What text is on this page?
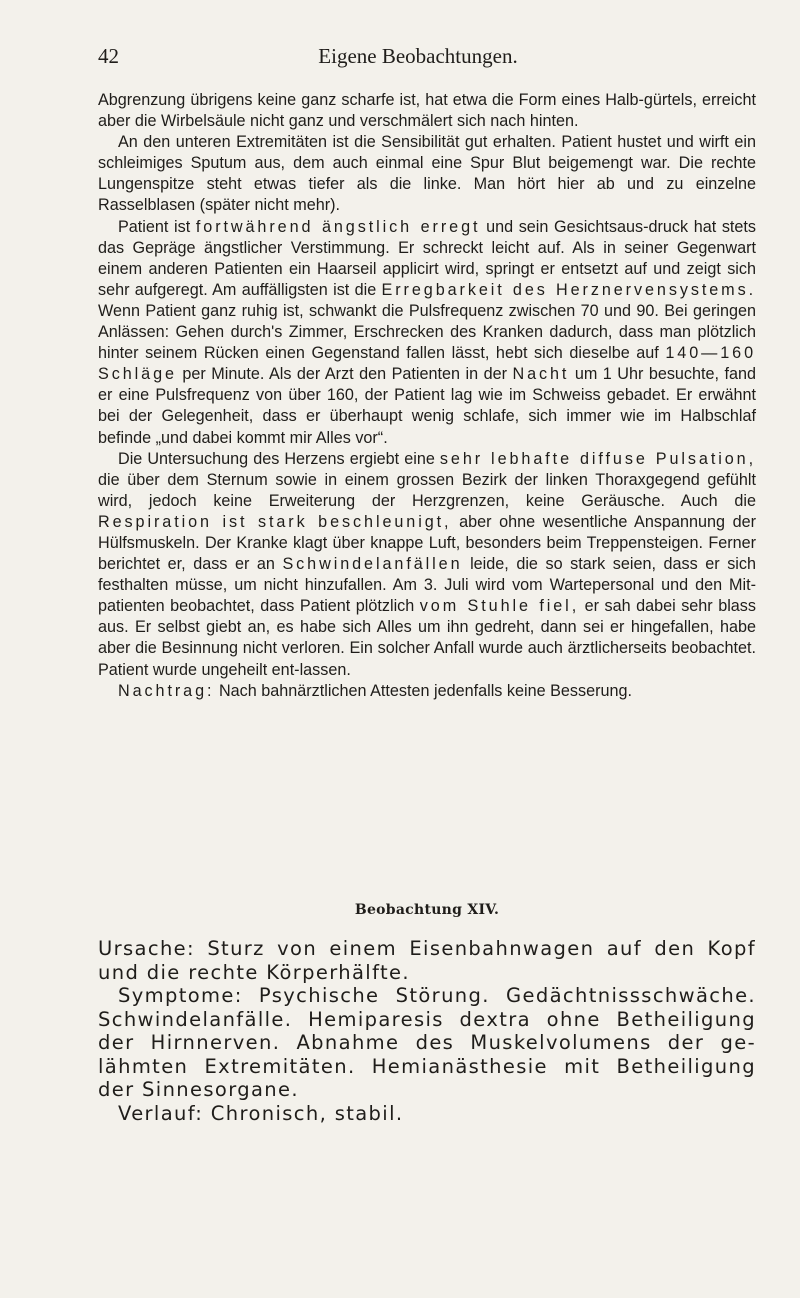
42	Eigene Beobachtungen.

Abgrenzung übrigens keine ganz scharfe ist, hat etwa die Form eines Halb-gürtels, erreicht aber die Wirbelsäule nicht ganz und verschmälert sich nach hinten.

An den unteren Extremitäten ist die Sensibilität gut erhalten. Patient hustet und wirft ein schleimiges Sputum aus, dem auch einmal eine Spur Blut beigemengt war. Die rechte Lungenspitze steht etwas tiefer als die linke. Man hört hier ab und zu einzelne Rasselblasen (später nicht mehr).

Patient ist fortwährend ängstlich erregt und sein Gesichtsaus-druck hat stets das Gepräge ängstlicher Verstimmung. Er schreckt leicht auf. Als in seiner Gegenwart einem anderen Patienten ein Haarseil applicirt wird, springt er entsetzt auf und zeigt sich sehr aufgeregt. Am auffälligsten ist die Erregbarkeit des Herznervensystems. Wenn Patient ganz ruhig ist, schwankt die Pulsfrequenz zwischen 70 und 90. Bei geringen Anlässen: Gehen durch's Zimmer, Erschrecken des Kranken dadurch, dass man plötzlich hinter seinem Rücken einen Gegenstand fallen lässt, hebt sich dieselbe auf 140—160 Schläge per Minute. Als der Arzt den Patienten in der Nacht um 1 Uhr besuchte, fand er eine Pulsfrequenz von über 160, der Patient lag wie im Schweiss gebadet. Er erwähnt bei der Gelegenheit, dass er überhaupt wenig schlafe, sich immer wie im Halbschlaf befinde „und dabei kommt mir Alles vor“.

Die Untersuchung des Herzens ergiebt eine sehr lebhafte diffuse Pulsation, die über dem Sternum sowie in einem grossen Bezirk der linken Thoraxgegend gefühlt wird, jedoch keine Erweiterung der Herzgrenzen, keine Geräusche. Auch die Respiration ist stark beschleunigt, aber ohne wesentliche Anspannung der Hülfsmuskeln. Der Kranke klagt über knappe Luft, besonders beim Treppensteigen. Ferner berichtet er, dass er an Schwindelanfällen leide, die so stark seien, dass er sich festhalten müsse, um nicht hinzufallen. Am 3. Juli wird vom Wartepersonal und den Mit-patienten beobachtet, dass Patient plötzlich vom Stuhle fiel, er sah dabei sehr blass aus. Er selbst giebt an, es habe sich Alles um ihn gedreht, dann sei er hingefallen, habe aber die Besinnung nicht verloren. Ein solcher Anfall wurde auch ärztlicherseits beobachtet. Patient wurde ungeheilt ent-lassen.

Nachtrag: Nach bahnärztlichen Attesten jedenfalls keine Besserung.

Beobachtung XIV.

Ursache: Sturz von einem Eisenbahnwagen auf den Kopf und die rechte Körperhälfte.

Symptome: Psychische Störung. Gedächtnissschwäche. Schwindelanfälle. Hemiparesis dextra ohne Betheiligung der Hirnnerven. Abnahme des Muskelvolumens der ge-lähmten Extremitäten. Hemianästhesie mit Betheiligung der Sinnesorgane.

Verlauf: Chronisch, stabil.
